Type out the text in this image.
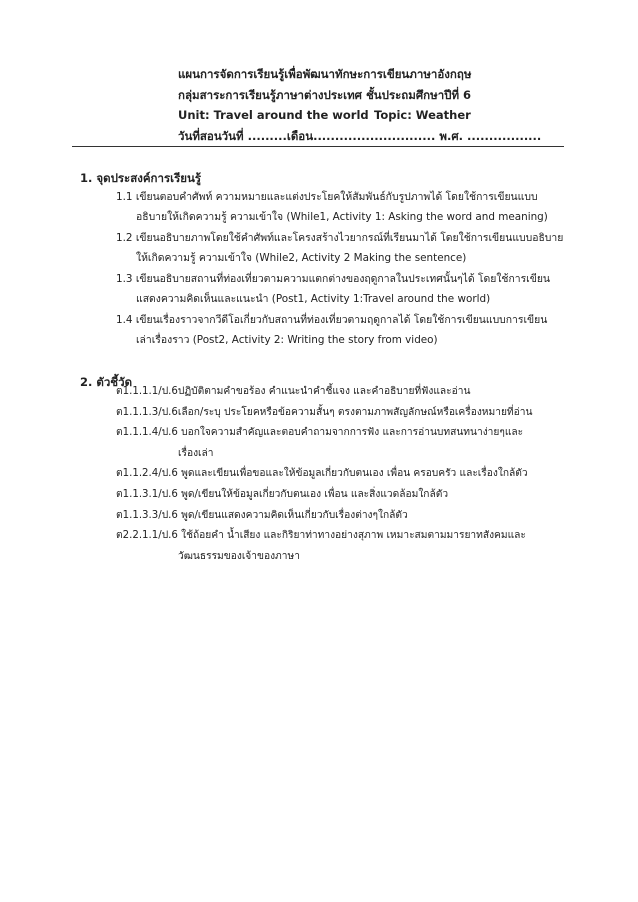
แผนการจัดการเรียนรู้เพื่อพัฒนาทักษะการเขียนภาษาอังกฤษ
กลุ่มสาระการเรียนรู้ภาษาต่างประเทศ ชั้นประถมศึกษาปีที่ 6
Unit: Travel around the world Topic: Weather
วันที่สอนวันที่ .........เดือน............................ พ.ศ. .................
1. จุดประสงค์การเรียนรู้
1.1 เขียนตอบคำศัพท์ ความหมายและแต่งประโยคให้สัมพันธ์กับรูปภาพได้ โดยใช้การเขียนแบบ
อธิบายให้เกิดความรู้ ความเข้าใจ (While1, Activity 1: Asking the word and meaning)
1.2 เขียนอธิบายภาพโดยใช้คำศัพท์และโครงสร้างไวยากรณ์ที่เรียนมาได้ โดยใช้การเขียนแบบอธิบาย
ให้เกิดความรู้ ความเข้าใจ (While2, Activity 2 Making the sentence)
1.3 เขียนอธิบายสถานที่ท่องเที่ยวตามความแตกต่างของฤดูกาลในประเทศนั้นๆได้ โดยใช้การเขียน
แสดงความคิดเห็นและแนะนำ (Post1, Activity 1:Travel around the world)
1.4 เขียนเรื่องราวจากวีดีโอเกี่ยวกับสถานที่ท่องเที่ยวตามฤดูกาลได้ โดยใช้การเขียนแบบการเขียน
เล่าเรื่องราว (Post2, Activity 2: Writing the story from video)
2. ตัวชี้วัด
ต1.1.1.1/ป.6ปฏิบัติตามคำขอร้อง คำแนะนำคำชี้แจง และคำอธิบายที่ฟังและอ่าน
ต1.1.1.3/ป.6เลือก/ระบุ ประโยคหรือข้อความสั้นๆ ตรงตามภาพสัญลักษณ์หรือเครื่องหมายที่อ่าน
ต1.1.1.4/ป.6 บอกใจความสำคัญและตอบคำถามจากการฟัง และการอ่านบทสนทนาง่ายๆและ
เรื่องเล่า
ต1.1.2.4/ป.6 พูดและเขียนเพื่อขอและให้ข้อมูลเกี่ยวกับตนเอง เพื่อน ครอบครัว และเรื่องใกล้ตัว
ต1.1.3.1/ป.6 พูด/เขียนให้ข้อมูลเกี่ยวกับตนเอง เพื่อน และสิ่งแวดล้อมใกล้ตัว
ต1.1.3.3/ป.6 พูด/เขียนแสดงความคิดเห็นเกี่ยวกับเรื่องต่างๆใกล้ตัว
ต2.2.1.1/ป.6 ใช้ถ้อยคำ น้ำเสียง และกิริยาท่าทางอย่างสุภาพ เหมาะสมตามมารยาทสังคมและ
วัฒนธรรมของเจ้าของภาษา
